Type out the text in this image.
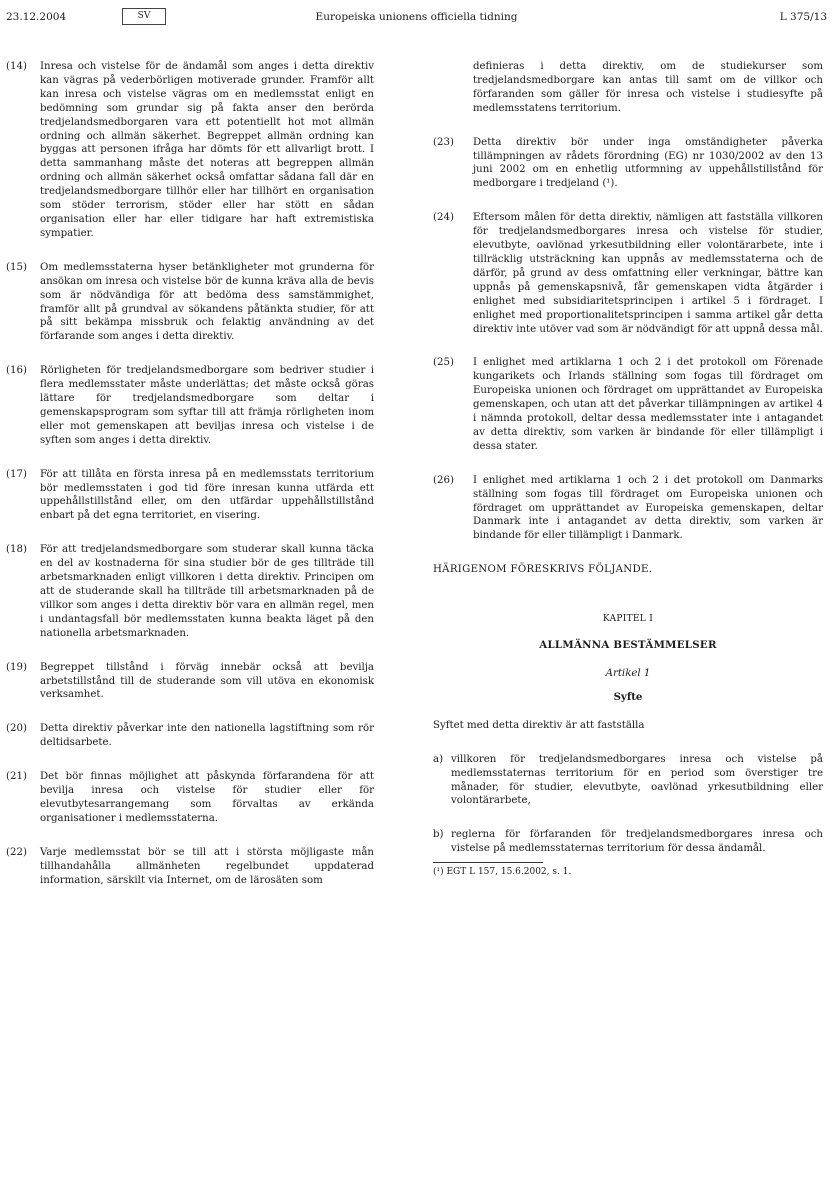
23.12.2004	SV	Europeiska unionens officiella tidning	L 375/13
(14)	Inresa och vistelse för de ändamål som anges i detta direktiv kan vägras på vederbörligen motiverade grunder. Framför allt kan inresa och vistelse vägras om en medlemsstat enligt en bedömning som grundar sig på fakta anser den berörda tredjelandsmedborgaren vara ett potentiellt hot mot allmän ordning och allmän säkerhet. Begreppet allmän ordning kan byggas att personen ifråga har dömts för ett allvarligt brott. I detta sammanhang måste det noteras att begreppen allmän ordning och allmän säkerhet också omfattar sådana fall där en tredjelandsmedborgare tillhör eller har tillhört en organisation som stöder terrorism, stöder eller har stött en sådan organisation eller har eller tidigare har haft extremistiska sympatier.
(15)	Om medlemsstaterna hyser betänkligheter mot grunderna för ansökan om inresa och vistelse bör de kunna kräva alla de bevis som är nödvändiga för att bedöma dess samstämmighet, framför allt på grundval av sökandens påtänkta studier, för att på sitt bekämpa missbruk och felaktig användning av det förfarande som anges i detta direktiv.
(16)	Rörligheten för tredjelandsmedborgare som bedriver studier i flera medlemsstater måste underlättas; det måste också göras lättare för tredjelandsmedborgare som deltar i gemenskapsprogram som syftar till att främja rörligheten inom eller mot gemenskapen att beviljas inresa och vistelse i de syften som anges i detta direktiv.
(17)	För att tillåta en första inresa på en medlemsstats territorium bör medlemsstaten i god tid före inresan kunna utfärda ett uppehållstillstånd eller, om den utfärdar uppehållstillstånd enbart på det egna territoriet, en visering.
(18)	För att tredjelandsmedborgare som studerar skall kunna täcka en del av kostnaderna för sina studier bör de ges tillträde till arbetsmarknaden enligt villkoren i detta direktiv. Principen om att de studerande skall ha tillträde till arbetsmarknaden på de villkor som anges i detta direktiv bör vara en allmän regel, men i undantagsfall bör medlemsstaten kunna beakta läget på den nationella arbetsmarknaden.
(19)	Begreppet tillstånd i förväg innebär också att bevilja arbetstillstånd till de studerande som vill utöva en ekonomisk verksamhet.
(20)	Detta direktiv påverkar inte den nationella lagstiftning som rör deltidsarbete.
(21)	Det bör finnas möjlighet att påskynda förfarandena för att bevilja inresa och vistelse för studier eller för elevutbytesarrangemang som förvaltas av erkända organisationer i medlemsstaterna.
(22)	Varje medlemsstat bör se till att i största möjligaste mån tillhandahålla allmänheten regelbundet uppdaterad information, särskilt via Internet, om de lärosäten som
definieras i detta direktiv, om de studiekurser som tredjelandsmedborgare kan antas till samt om de villkor och förfaranden som gäller för inresa och vistelse i studiesyfte på medlemsstatens territorium.
(23)	Detta direktiv bör under inga omständigheter påverka tillämpningen av rådets förordning (EG) nr 1030/2002 av den 13 juni 2002 om en enhetlig utformning av uppehållstillstånd för medborgare i tredjeland (¹).
(24)	Eftersom målen för detta direktiv, nämligen att fastställa villkoren för tredjelandsmedborgares inresa och vistelse för studier, elevutbyte, oavlönad yrkesutbildning eller volontärarbete, inte i tillräcklig utsträckning kan uppnås av medlemsstaterna och de därför, på grund av dess omfattning eller verkningar, bättre kan uppnås på gemenskapsnivå, får gemenskapen vidta åtgärder i enlighet med subsidiaritetsprincipen i artikel 5 i fördraget. I enlighet med proportionalitetsprincipen i samma artikel går detta direktiv inte utöver vad som är nödvändigt för att uppnå dessa mål.
(25)	I enlighet med artiklarna 1 och 2 i det protokoll om Förenade kungarikets och Irlands ställning som fogas till fördraget om Europeiska unionen och fördraget om upprättandet av Europeiska gemenskapen, och utan att det påverkar tillämpningen av artikel 4 i nämnda protokoll, deltar dessa medlemsstater inte i antagandet av detta direktiv, som varken är bindande för eller tillämpligt i dessa stater.
(26)	I enlighet med artiklarna 1 och 2 i det protokoll om Danmarks ställning som fogas till fördraget om Europeiska unionen och fördraget om upprättandet av Europeiska gemenskapen, deltar Danmark inte i antagandet av detta direktiv, som varken är bindande för eller tillämpligt i Danmark.
HÄRIGENOM FÖRESKRIVS FÖLJANDE.
KAPITEL I
ALLMÄNNA BESTÄMMELSER
Artikel 1
Syfte
Syftet med detta direktiv är att fastställa
a) villkoren för tredjelandsmedborgares inresa och vistelse på medlemsstaternas territorium för en period som överstiger tre månader, för studier, elevutbyte, oavlönad yrkesutbildning eller volontärarbete,
b) reglerna för förfaranden för tredjelandsmedborgares inresa och vistelse på medlemsstaternas territorium för dessa ändamål.
(¹) EGT L 157, 15.6.2002, s. 1.
